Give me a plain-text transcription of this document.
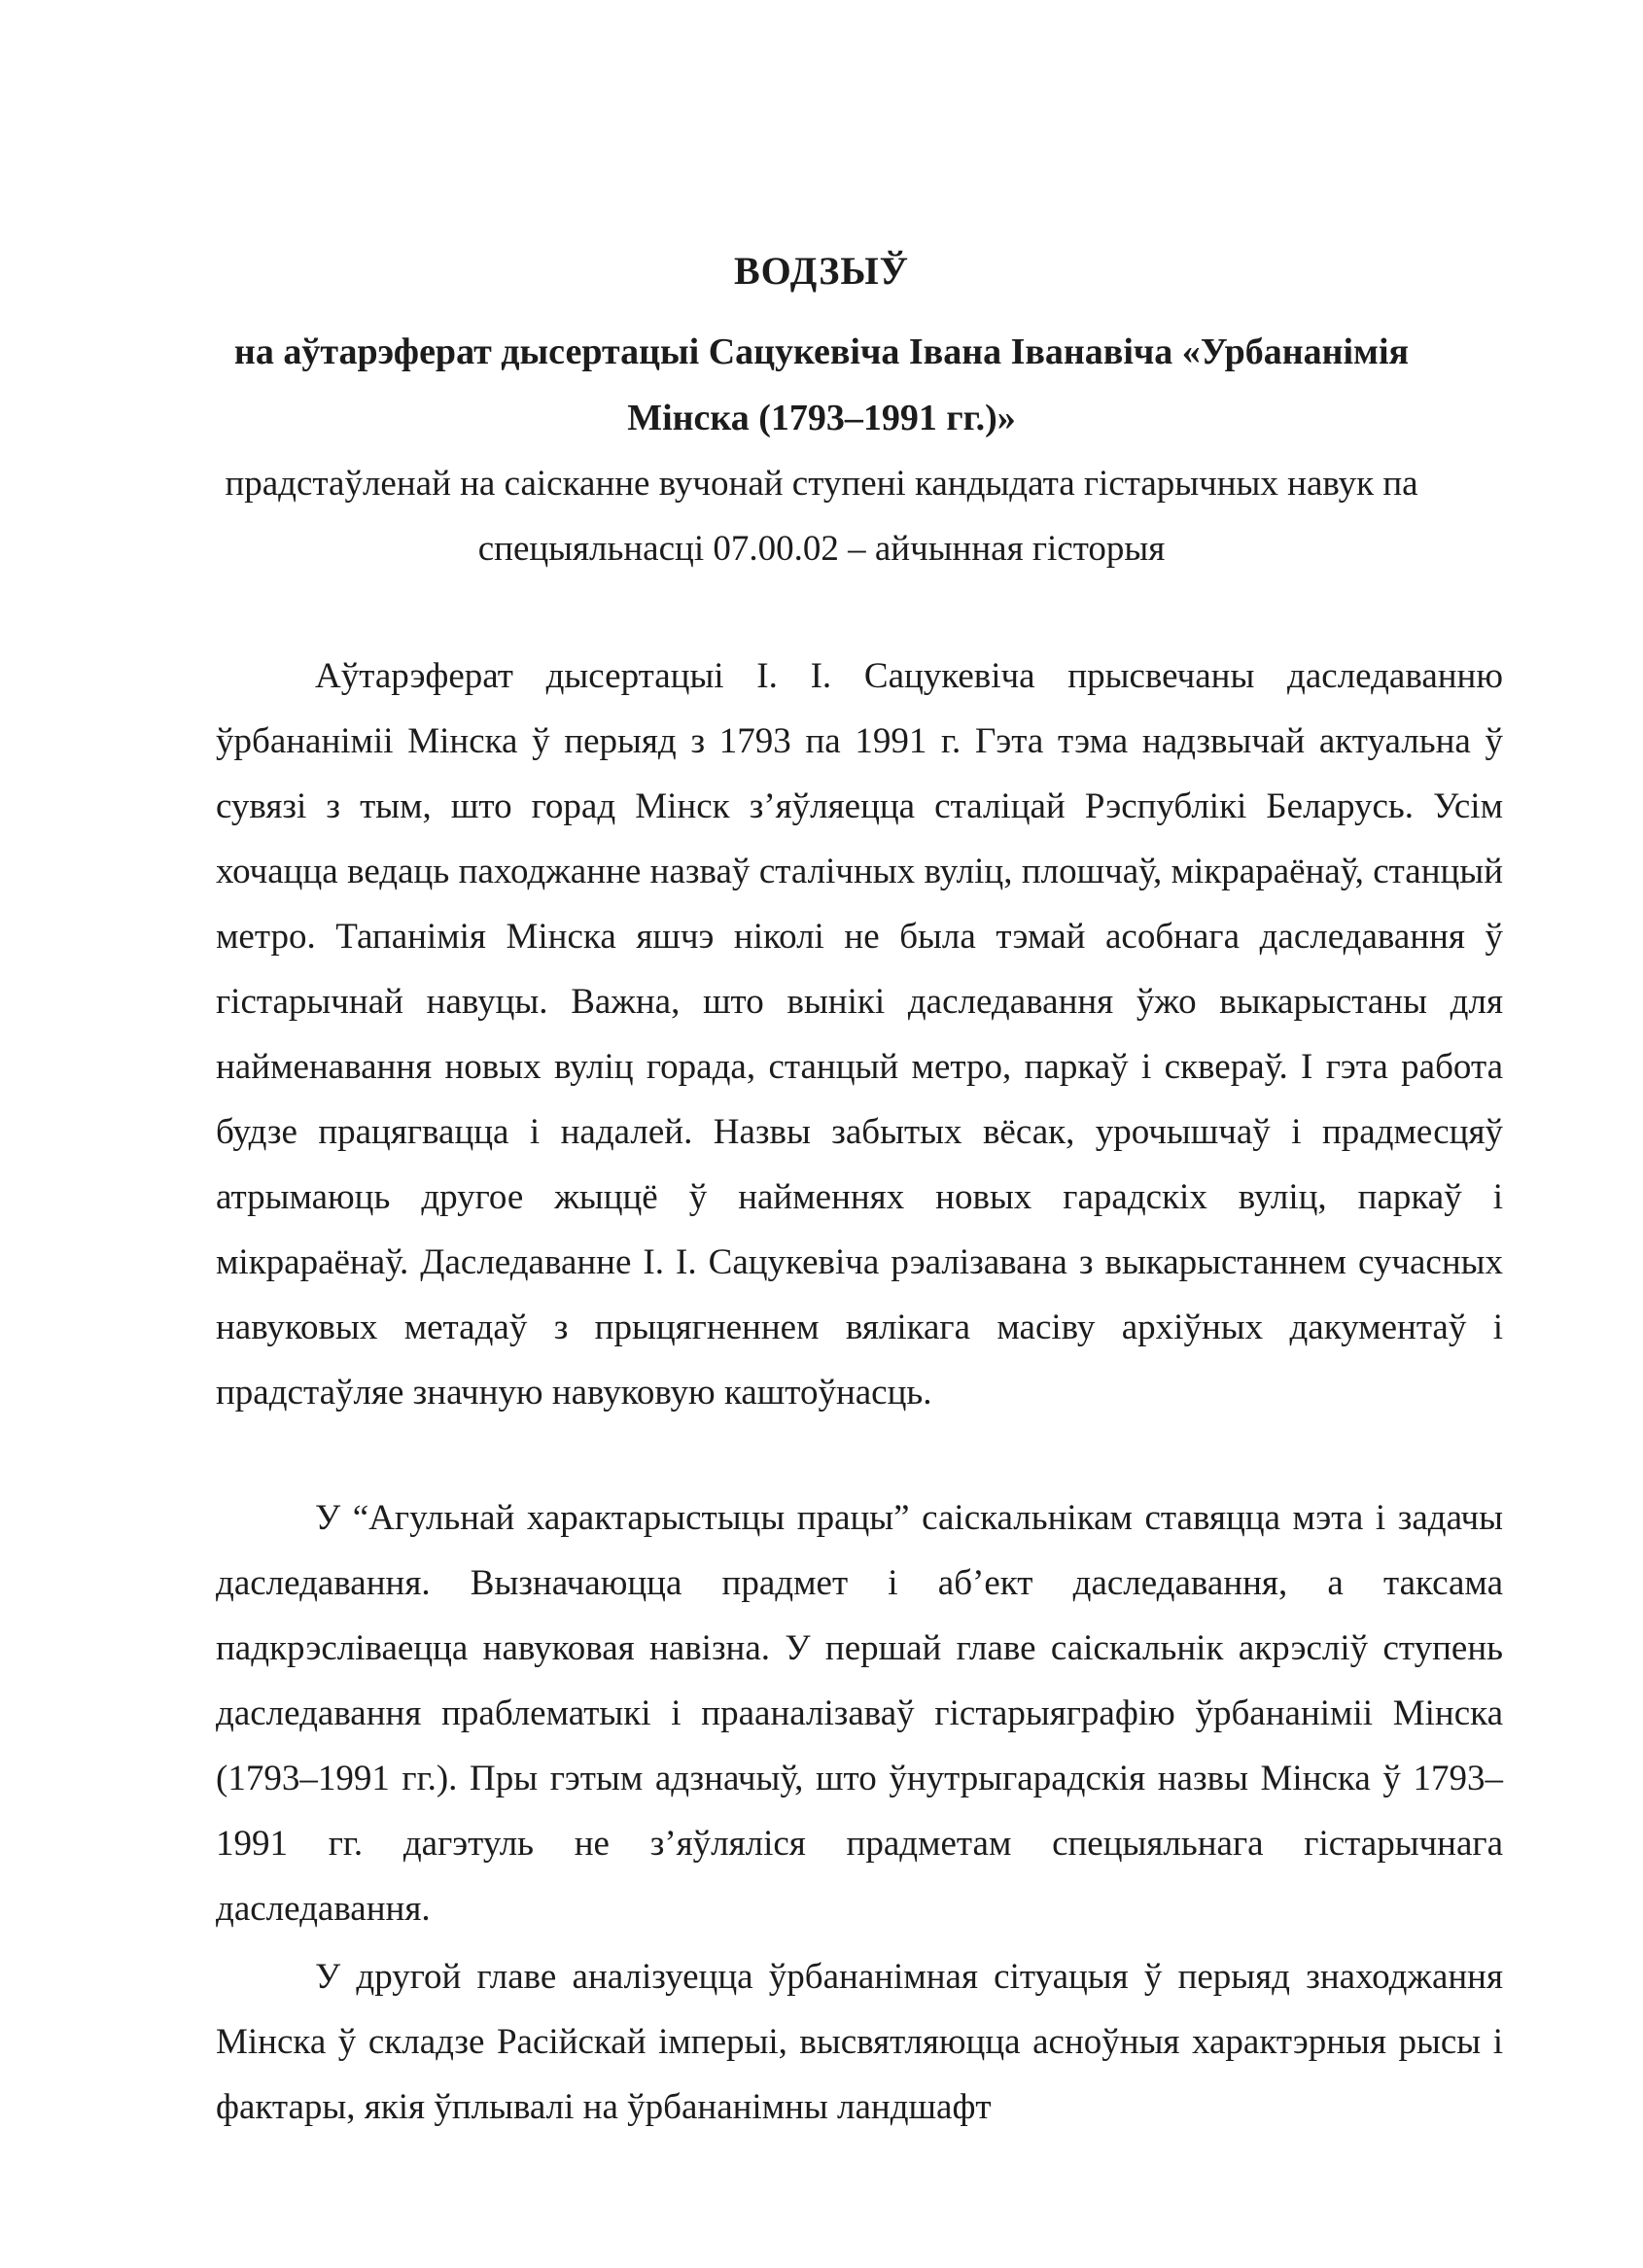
ВОДЗЫЎ
на аўтарэферат дысертацыі Сацукевіча Івана Іванавіча «Урбананімія
Мінска (1793–1991 гг.)»
прадстаўленай на саісканне вучонай ступені кандыдата гістарычных навук па
спецыяльнасці 07.00.02 – айчынная гісторыя

Аўтарэферат дысертацыі І. І. Сацукевіча прысвечаны даследаванню ўрбананіміі Мінска ў перыяд з 1793 па 1991 г. Гэта тэма надзвычай актуальна ў сувязі з тым, што горад Мінск з’яўляецца сталіцай Рэспублікі Беларусь. Усім хочацца ведаць паходжанне назваў сталічных вуліц, плошчаў, мікрараёнаў, станцый метро. Тапанімія Мінска яшчэ ніколі не была тэмай асобнага даследавання ў гістарычнай навуцы. Важна, што вынікі даследавання ўжо выкарыстаны для найменавання новых вуліц горада, станцый метро, паркаў і сквераў. І гэта работа будзе працягвацца і надалей. Назвы забытых вёсак, урочышчаў і прадмесцяў атрымаюць другое жыццё ў найменнях новых гарадскіх вуліц, паркаў і мікрараёнаў. Даследаванне І. І. Сацукевіча рэалізавана з выкарыстаннем сучасных навуковых метадаў з прыцягненнем вялікага масіву архіўных дакументаў і прадстаўляе значную навуковую каштоўнасць.

У “Агульнай характарыстыцы працы” саіскальнікам ставяцца мэта і задачы даследавання. Вызначаюцца прадмет і аб’ект даследавання, а таксама падкрэсліваецца навуковая навізна. У першай главе саіскальнік акрэсліў ступень даследавання праблематыкі і прааналізаваў гістарыяграфію ўрбананіміі Мінска (1793–1991 гг.). Пры гэтым адзначыў, што ўнутрыгарадскія назвы Мінска ў 1793–1991 гг. дагэтуль не з’яўляліся прадметам спецыяльнага гістарычнага даследавання.

У другой главе аналізуецца ўрбананімная сітуацыя ў перыяд знаходжання Мінска ў складзе Расійскай імперыі, высвятляюцца асноўныя характэрныя рысы і фактары, якія ўплывалі на ўрбананімны ландшафт
